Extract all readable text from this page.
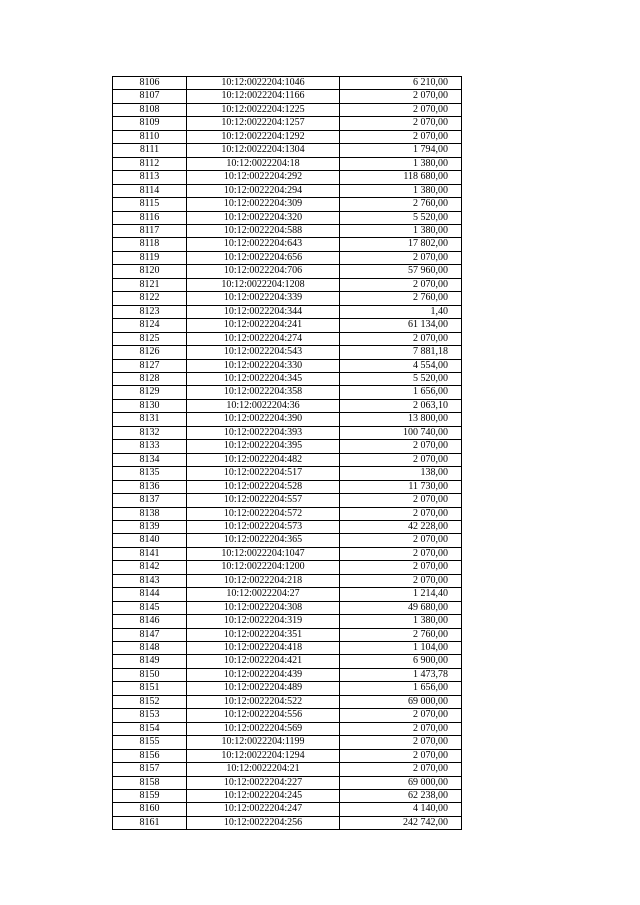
8106	10:12:0022204:1046	6 210,00
8107	10:12:0022204:1166	2 070,00
8108	10:12:0022204:1225	2 070,00
8109	10:12:0022204:1257	2 070,00
8110	10:12:0022204:1292	2 070,00
8111	10:12:0022204:1304	1 794,00
8112	10:12:0022204:18	1 380,00
8113	10:12:0022204:292	118 680,00
8114	10:12:0022204:294	1 380,00
8115	10:12:0022204:309	2 760,00
8116	10:12:0022204:320	5 520,00
8117	10:12:0022204:588	1 380,00
8118	10:12:0022204:643	17 802,00
8119	10:12:0022204:656	2 070,00
8120	10:12:0022204:706	57 960,00
8121	10:12:0022204:1208	2 070,00
8122	10:12:0022204:339	2 760,00
8123	10:12:0022204:344	1,40
8124	10:12:0022204:241	61 134,00
8125	10:12:0022204:274	2 070,00
8126	10:12:0022204:543	7 881,18
8127	10:12:0022204:330	4 554,00
8128	10:12:0022204:345	5 520,00
8129	10:12:0022204:358	1 656,00
8130	10:12:0022204:36	2 063,10
8131	10:12:0022204:390	13 800,00
8132	10:12:0022204:393	100 740,00
8133	10:12:0022204:395	2 070,00
8134	10:12:0022204:482	2 070,00
8135	10:12:0022204:517	138,00
8136	10:12:0022204:528	11 730,00
8137	10:12:0022204:557	2 070,00
8138	10:12:0022204:572	2 070,00
8139	10:12:0022204:573	42 228,00
8140	10:12:0022204:365	2 070,00
8141	10:12:0022204:1047	2 070,00
8142	10:12:0022204:1200	2 070,00
8143	10:12:0022204:218	2 070,00
8144	10:12:0022204:27	1 214,40
8145	10:12:0022204:308	49 680,00
8146	10:12:0022204:319	1 380,00
8147	10:12:0022204:351	2 760,00
8148	10:12:0022204:418	1 104,00
8149	10:12:0022204:421	6 900,00
8150	10:12:0022204:439	1 473,78
8151	10:12:0022204:489	1 656,00
8152	10:12:0022204:522	69 000,00
8153	10:12:0022204:556	2 070,00
8154	10:12:0022204:569	2 070,00
8155	10:12:0022204:1199	2 070,00
8156	10:12:0022204:1294	2 070,00
8157	10:12:0022204:21	2 070,00
8158	10:12:0022204:227	69 000,00
8159	10:12:0022204:245	62 238,00
8160	10:12:0022204:247	4 140,00
8161	10:12:0022204:256	242 742,00
